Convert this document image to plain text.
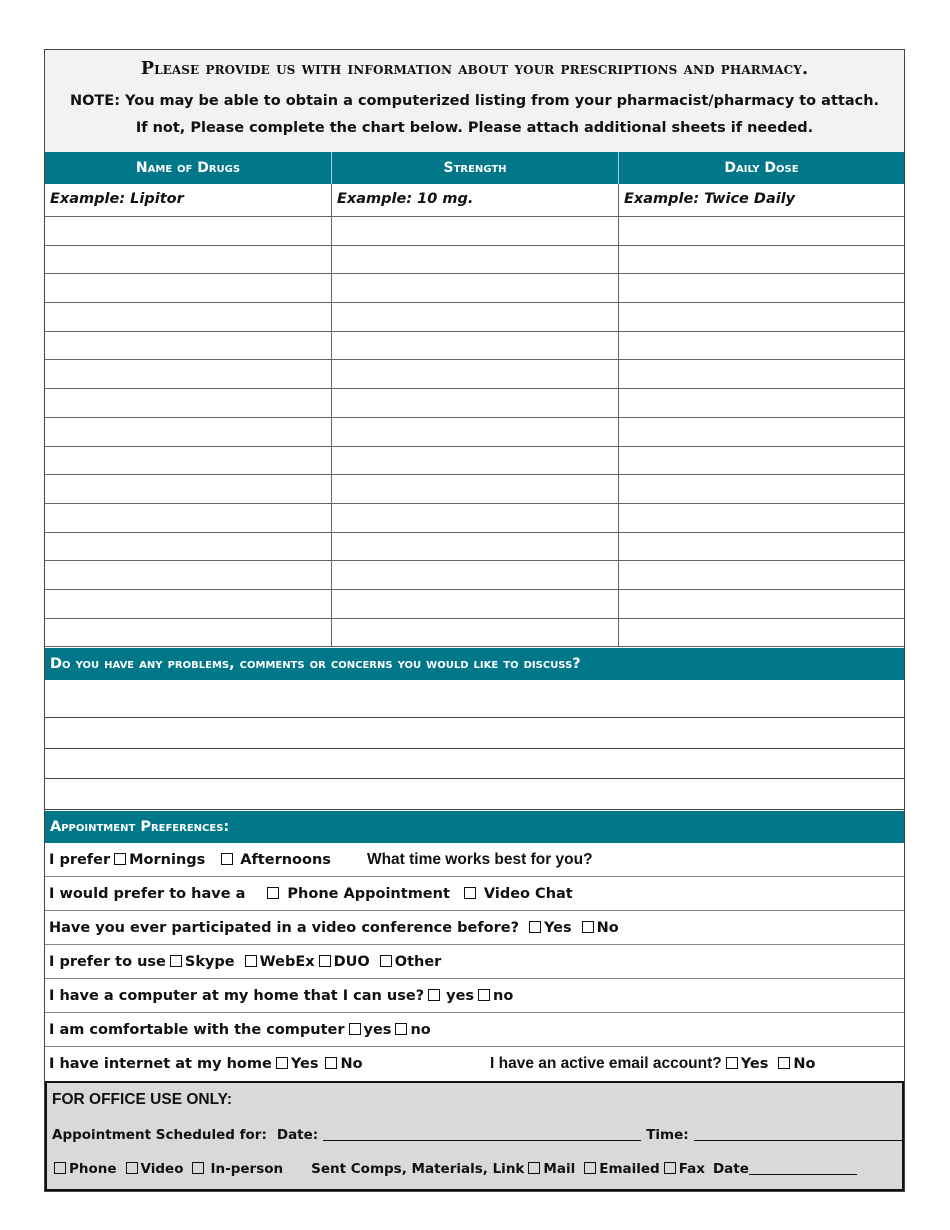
Please provide us with information about your prescriptions and pharmacy.
NOTE: You may be able to obtain a computerized listing from your pharmacist/pharmacy to attach.
If not, Please complete the chart below. Please attach additional sheets if needed.
Name of Drugs	Strength	Daily Dose
Example: Lipitor	Example: 10 mg.	Example: Twice Daily
Do you have any problems, comments or concerns you would like to discuss?
Appointment Preferences:
I prefer Mornings Afternoons What time works best for you?
I would prefer to have a	Phone Appointment Video Chat
Have you ever participated in a video conference before? Yes No
I prefer to use Skype WebEx DUO Other
I have a computer at my home that I can use? yes no
I am comfortable with the computer yes no
I have internet at my home Yes No	I have an active email account? Yes No
FOR OFFICE USE ONLY:
Appointment Scheduled for: Date:	Time:
Phone Video In-person Sent Comps, Materials, Link Mail Emailed Fax Date
